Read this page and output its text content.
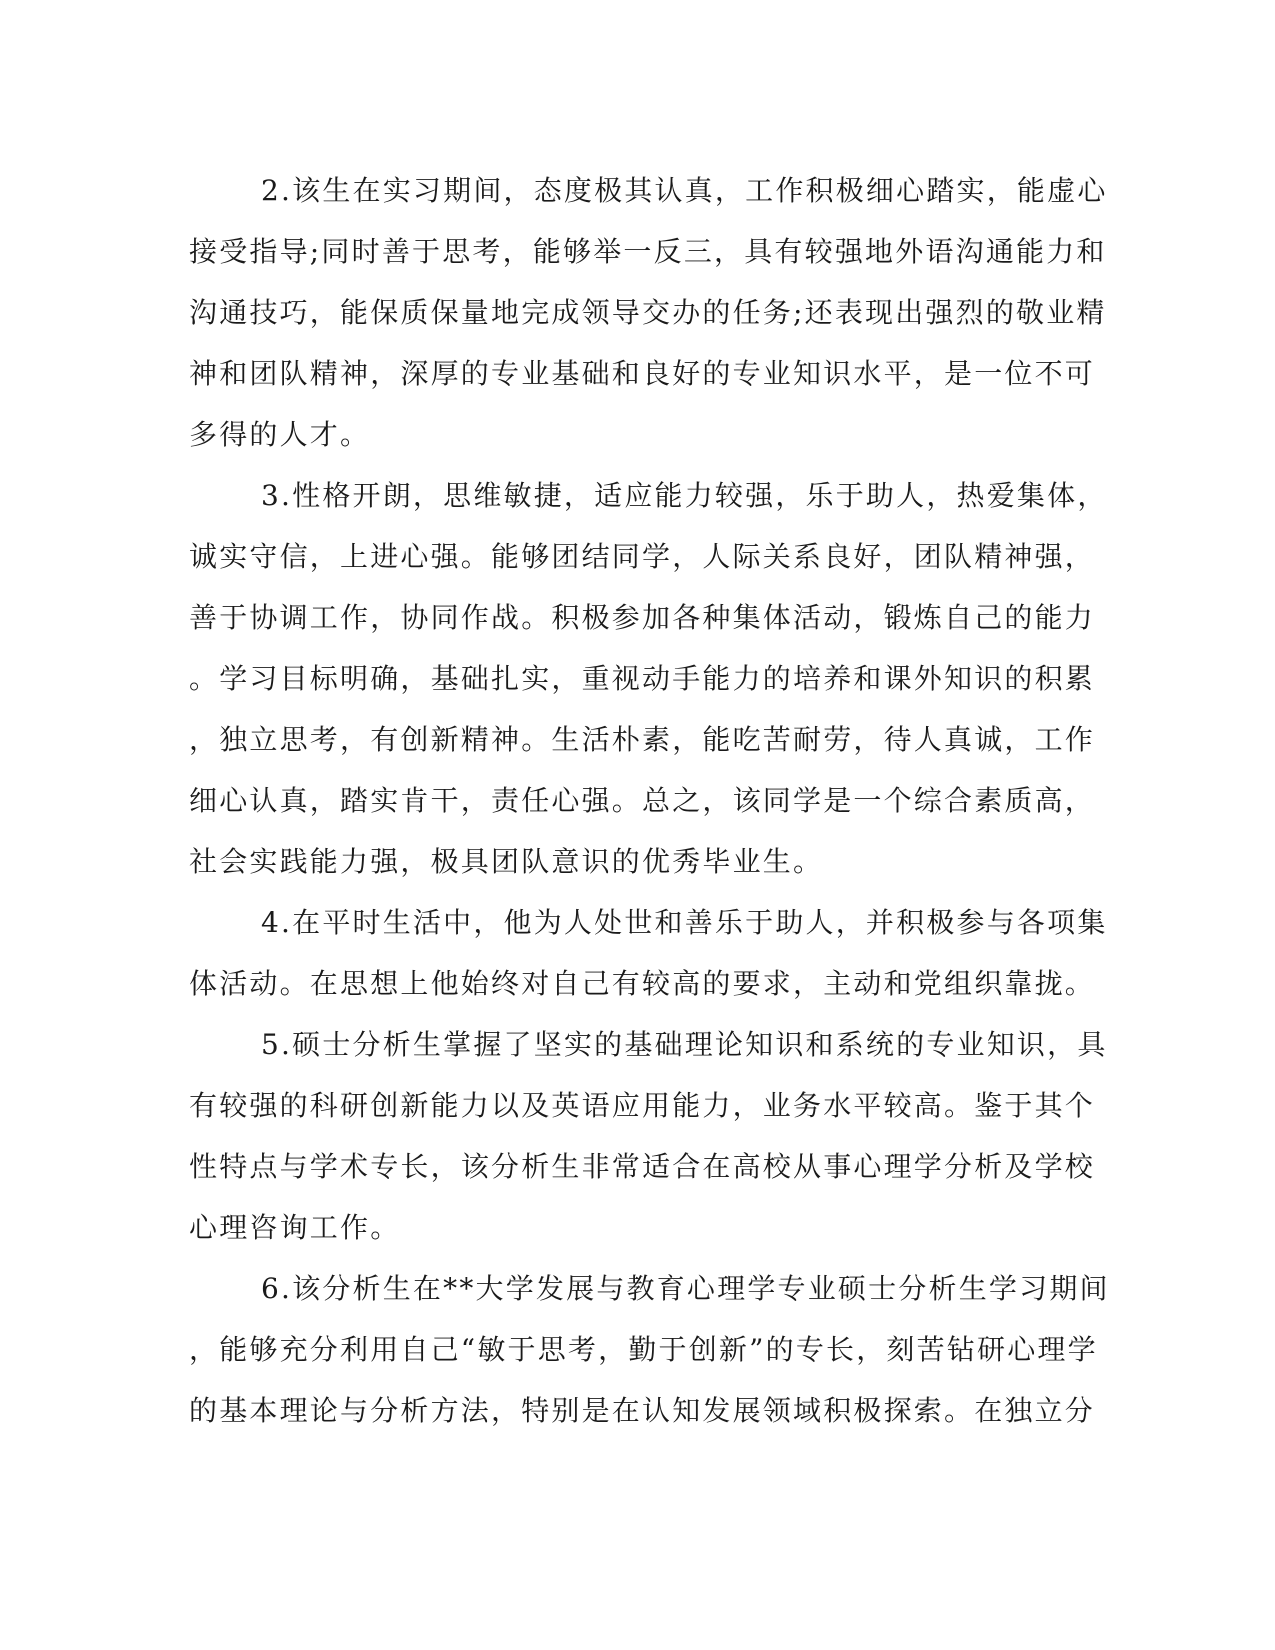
2.该生在实习期间，态度极其认真，工作积极细心踏实，能虚心
接受指导;同时善于思考，能够举一反三，具有较强地外语沟通能力和
沟通技巧，能保质保量地完成领导交办的任务;还表现出强烈的敬业精
神和团队精神，深厚的专业基础和良好的专业知识水平，是一位不可
多得的人才。

3.性格开朗，思维敏捷，适应能力较强，乐于助人，热爱集体，
诚实守信，上进心强。能够团结同学，人际关系良好，团队精神强，
善于协调工作，协同作战。积极参加各种集体活动，锻炼自己的能力
。学习目标明确，基础扎实，重视动手能力的培养和课外知识的积累
，独立思考，有创新精神。生活朴素，能吃苦耐劳，待人真诚，工作
细心认真，踏实肯干，责任心强。总之，该同学是一个综合素质高，
社会实践能力强，极具团队意识的优秀毕业生。

4.在平时生活中，他为人处世和善乐于助人，并积极参与各项集
体活动。在思想上他始终对自己有较高的要求，主动和党组织靠拢。

5.硕士分析生掌握了坚实的基础理论知识和系统的专业知识，具
有较强的科研创新能力以及英语应用能力，业务水平较高。鉴于其个
性特点与学术专长，该分析生非常适合在高校从事心理学分析及学校
心理咨询工作。

6.该分析生在**大学发展与教育心理学专业硕士分析生学习期间
，能够充分利用自己“敏于思考，勤于创新”的专长，刻苦钻研心理学
的基本理论与分析方法，特别是在认知发展领域积极探索。在独立分
